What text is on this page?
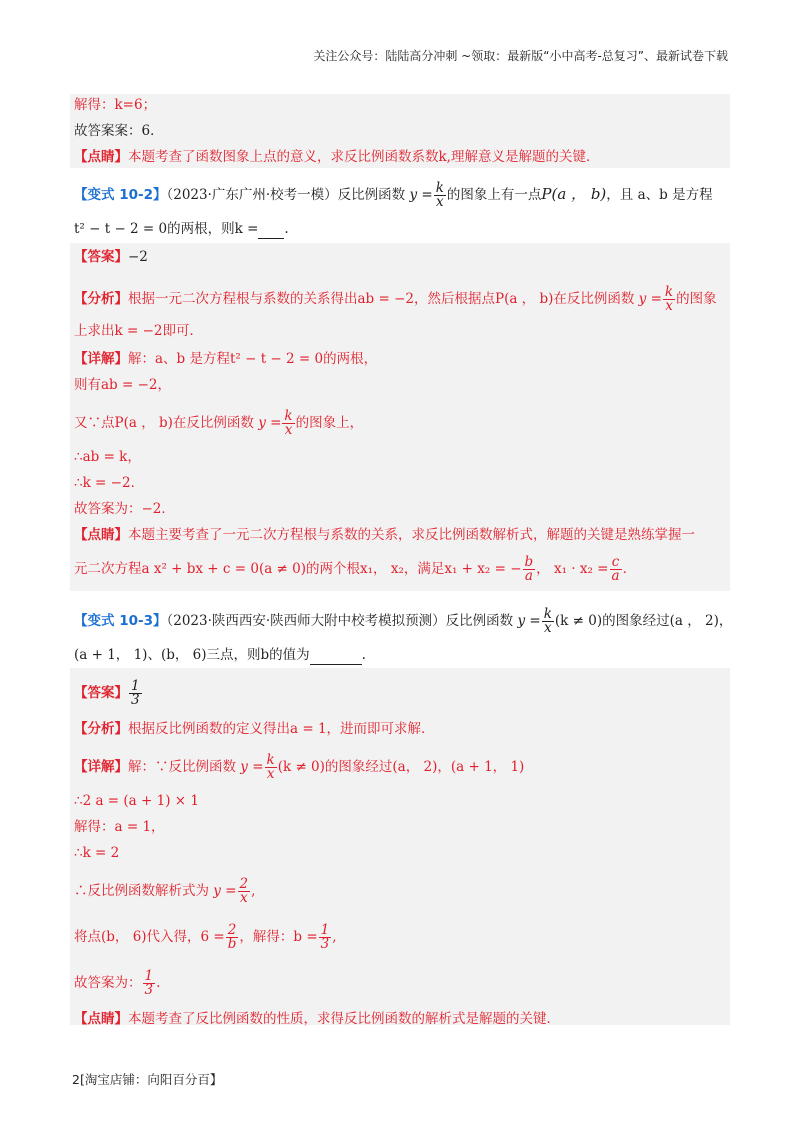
关注公众号：陆陆高分冲刺 ~领取：最新版“小中高考-总复习”、最新试卷下载
解得：k=6；
故答案案：6．
【点睛】本题考查了函数图象上点的意义，求反比例函数系数k,理解意义是解题的关键．
【变式 10-2】（2023·广东广州·校考一模）反比例函数 $y = \frac{k}{x}$ 的图象上有一点P(a ， b)，且 a、b 是方程
t² − t − 2 = 0的两根，则k = .
【答案】−2
【分析】根据一元二次方程根与系数的关系得出ab = −2，然后根据点P(a ， b)在反比例函数 $y = \frac{k}{x}$ 的图象
上求出k = −2即可．
【详解】解：a、b 是方程t² − t − 2 = 0的两根，
则有ab = −2，
又∵点P(a ， b)在反比例函数 $y = \frac{k}{x}$ 的图象上，
∴ab = k，
∴k = −2．
故答案为：−2．
【点睛】本题主要考查了一元二次方程根与系数的关系，求反比例函数解析式，解题的关键是熟练掌握一
元二次方程a x² + bx + c = 0(a ≠ 0)的两个根x₁， x₂，满足x₁ + x₂ = − $\frac{b}{a}$ ， $x_1 \cdot x_2 = \frac{c}{a}$ ．
【变式 10-3】（2023·陕西西安·陕西师大附中校考模拟预测）反比例函数 $y = \frac{k}{x} (k \ne 0)$的图象经过(a ， 2)，
(a + 1， 1)、(b， 6)三点，则b的值为	.
【答案】 $\frac{1}{3}$
【分析】根据反比例函数的定义得出a = 1，进而即可求解．
【详解】解：∵反比例函数 $y = \frac{k}{x} (k \ne 0)$的图象经过(a， 2)，(a + 1， 1)
∴2 a = (a + 1) × 1
解得：a = 1，
∴k = 2
∴反比例函数解析式为 $y = \frac{2}{x}$ ,
将点(b， 6)代入得，$6 = \frac{2}{b}$ ，解得：$b = \frac{1}{3}$ ,
故答案为： $\frac{1}{3}$ .
【点睛】本题考查了反比例函数的性质，求得反比例函数的解析式是解题的关键．
2[淘宝店铺：向阳百分百】
